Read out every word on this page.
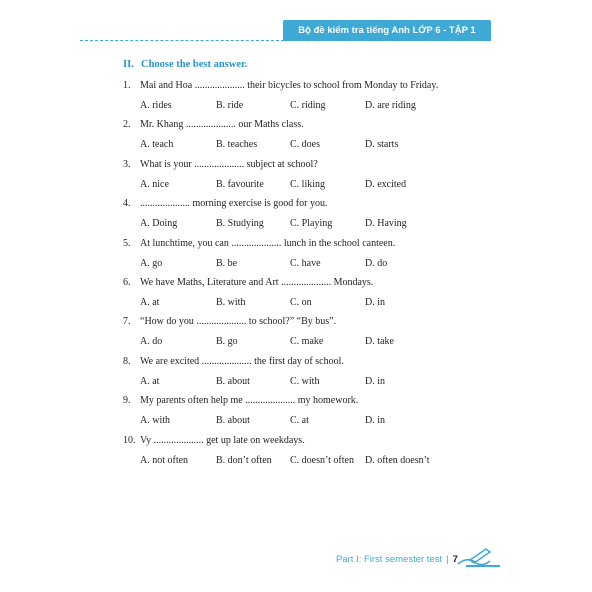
Bộ đề kiểm tra tiếng Anh LỚP 6 - TẬP 1
II. Choose the best answer.
1. Mai and Hoa .................... their bicycles to school from Monday to Friday.
A. rides	B. ride	C. riding	D. are riding
2. Mr. Khang .................... our Maths class.
A. teach	B. teaches	C. does	D. starts
3. What is your .................... subject at school?
A. nice	B. favourite	C. liking	D. excited
4. .................... morning exercise is good for you.
A. Doing	B. Studying	C. Playing	D. Having
5. At lunchtime, you can .................... lunch in the school canteen.
A. go	B. be	C. have	D. do
6. We have Maths, Literature and Art .................... Mondays.
A. at	B. with	C. on	D. in
7. “How do you .................... to school?” “By bus”.
A. do	B. go	C. make	D. take
8. We are excited .................... the first day of school.
A. at	B. about	C. with	D. in
9. My parents often help me .................... my homework.
A. with	B. about	C. at	D. in
10. Vy .................... get up late on weekdays.
A. not often	B. don’t often C. doesn’t often D. often doesn’t
Part I: First semester test | 7
